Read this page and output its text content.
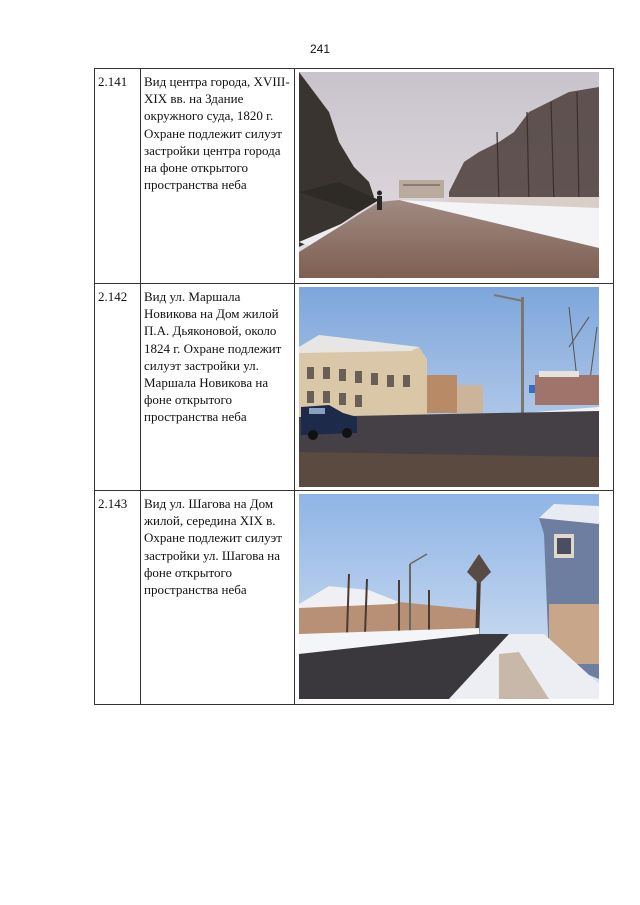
241
2.141	Вид центра города, XVIII-XIX вв. на Здание окружного суда, 1820 г. Охране подлежит силуэт застройки центра города на фоне открытого пространства неба	

2.142	Вид ул. Маршала Новикова на Дом жилой П.А. Дьяконовой, около 1824 г. Охране подлежит силуэт застройки ул. Маршала Новикова на фоне открытого пространства неба	

2.143	Вид ул. Шагова на Дом жилой, середина XIX в. Охране подлежит силуэт застройки ул. Шагова на фоне открытого пространства неба	
